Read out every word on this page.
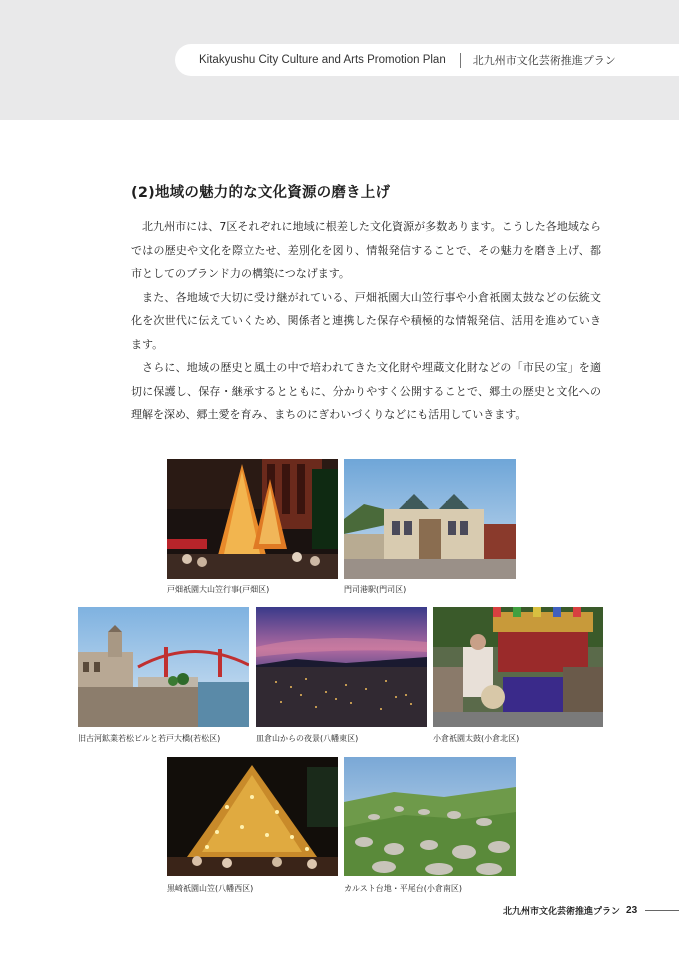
Kitakyushu City Culture and Arts Promotion Plan 北九州市文化芸術推進プラン
(2)地域の魅力的な文化資源の磨き上げ

北九州市には、7区それぞれに地域に根差した文化資源が多数あります。こうした各地域ならではの歴史や文化を際立たせ、差別化を図り、情報発信することで、その魅力を磨き上げ、都市としてのブランド力の構築につなげます。

また、各地域で大切に受け継がれている、戸畑祇園大山笠行事や小倉祇園太鼓などの伝統文化を次世代に伝えていくため、関係者と連携した保存や積極的な情報発信、活用を進めていきます。

さらに、地域の歴史と風土の中で培われてきた文化財や埋蔵文化財などの「市民の宝」を適切に保護し、保存・継承するとともに、分かりやすく公開することで、郷土の歴史と文化への理解を深め、郷土愛を育み、まちのにぎわいづくりなどにも活用していきます。

戸畑祇園大山笠行事(戸畑区)	門司港駅(門司区)
旧古河鉱業若松ビルと若戸大橋(若松区)	皿倉山からの夜景(八幡東区)	小倉祇園太鼓(小倉北区)
黒崎祇園山笠(八幡西区)	カルスト台地・平尾台(小倉南区)
北九州市文化芸術推進プラン 23
